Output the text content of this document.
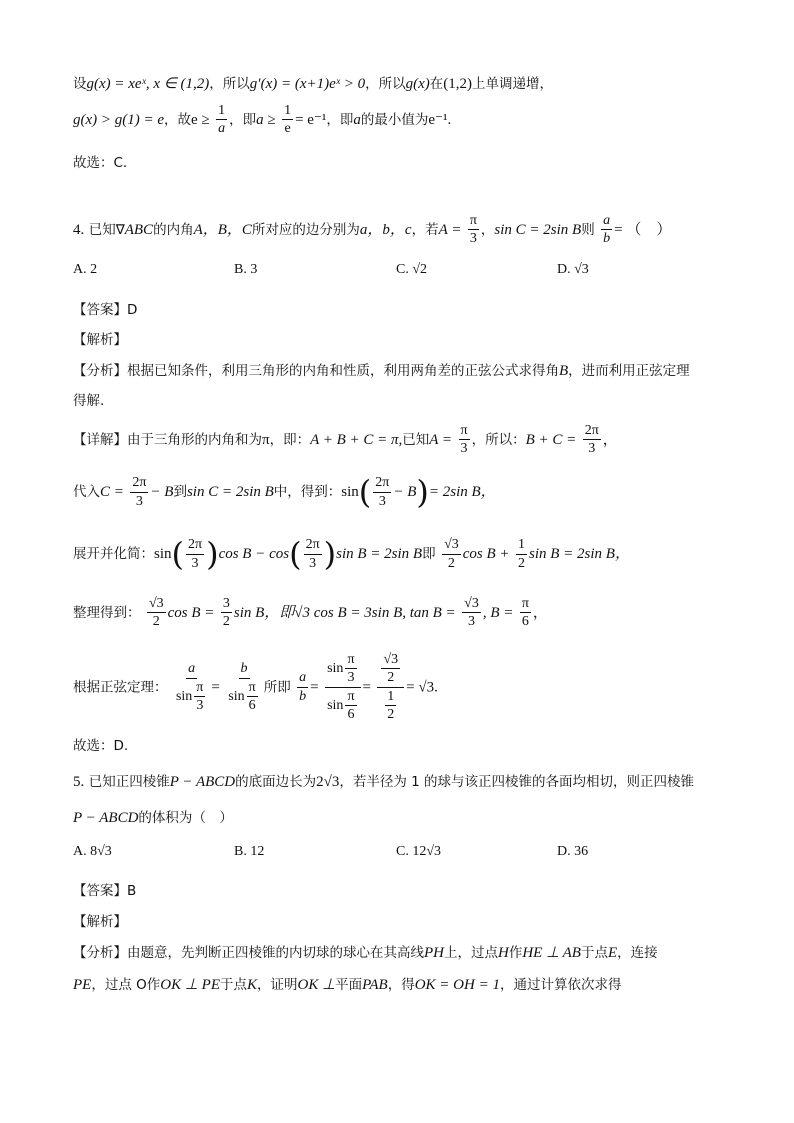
设g(x) = xeˣ, x ∈ (1,2)，所以g′(x) = (x+1)eˣ > 0，所以g(x)在(1,2)上单调递增，
g(x) > g(1) = e，故$e \ge \frac{1}{a}$ ，即$a \ge \frac{1}{e} = e^{-1}$，即a的最小值为e⁻¹.
故选：C．
4. 已知∇ABC的内角A，B，C所对应的边分别为a，b，c，若$A = \frac{\pi}{3}$ ，sin C = 2sin B则 $\frac{a}{b}$ = （　）
A. 2	B. 3	C. √2	D. √3
【答案】D
【解析】
【分析】根据已知条件，利用三角形的内角和性质，利用两角差的正弦公式求得角B，进而利用正弦定理
得解.
【详解】由于三角形的内角和为π，即：A + B + C = π,已知$A = \frac{\pi}{3}$ ，所以：$B + C = \frac{2\pi}{3}$ ，
代入$C = \frac{2\pi}{3} - B$到sin C = 2sin B中，得到：$\sin( \frac{2\pi}{3} - B)= 2\sin$ B，
展开并化简：$\sin( \frac{2\pi}{3} )\cos$ $B - \cos( \frac{2\pi}{3} )\sin$ B = 2sin B即 $\frac{√3}{2}$ $\cos B + \frac{1}{2}$ sin B = 2sin B，
整理得到： $\frac{√3}{2}$ $\cos B = \frac{3}{2}$ sin B，即√3 cos B = 3sin B, $\tan B = \frac{√3}{3}$ , $B = \frac{\pi}{6}$ ，
根据正弦定理： $\frac{a}{\sin \frac{\pi}{3}} = \frac{b}{\sin \frac{\pi}{6}}$ 所即 $\frac{a}{b} = \frac{\sin \frac{\pi}{3}}{\sin \frac{\pi}{6}} = \frac{\frac{√3}{2}}{\frac{1}{2}} = √3$.
故选：D.
5. 已知正四棱锥P − ABCD的底面边长为2√3，若半径为 1 的球与该正四棱锥的各面均相切，则正四棱锥
P − ABCD的体积为（　）
A. 8√3	B. 12	C. 12√3	D. 36
【答案】B
【解析】
【分析】由题意，先判断正四棱锥的内切球的球心在其高线PH上，过点H作HE ⊥ AB于点E，连接
PE，过点 O作OK ⊥ PE于点K，证明OK ⊥平面PAB，得OK = OH = 1，通过计算依次求得
